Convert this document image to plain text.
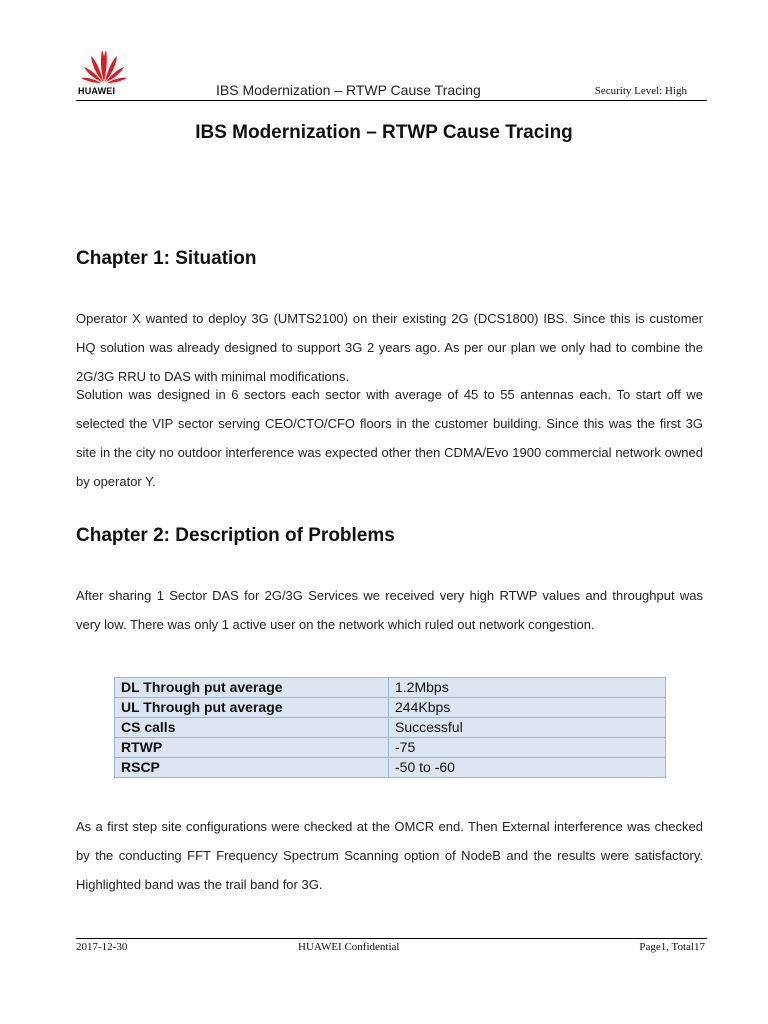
HUAWEI	IBS Modernization – RTWP Cause Tracing	Security Level: High
IBS Modernization – RTWP Cause Tracing
Chapter 1: Situation

Operator X wanted to deploy 3G (UMTS2100) on their existing 2G (DCS1800) IBS. Since this is customer HQ solution was already designed to support 3G 2 years ago. As per our plan we only had to combine the 2G/3G RRU to DAS with minimal modifications.

Solution was designed in 6 sectors each sector with average of 45 to 55 antennas each. To start off we selected the VIP sector serving CEO/CTO/CFO floors in the customer building. Since this was the first 3G site in the city no outdoor interference was expected other then CDMA/Evo 1900 commercial network owned by operator Y.

Chapter 2: Description of Problems

After sharing 1 Sector DAS for 2G/3G Services we received very high RTWP values and throughput was very low. There was only 1 active user on the network which ruled out network congestion.

DL Through put average	1.2Mbps
UL Through put average	244Kbps
CS calls	Successful
RTWP	-75
RSCP	-50 to -60

As a first step site configurations were checked at the OMCR end. Then External interference was checked by the conducting FFT Frequency Spectrum Scanning option of NodeB and the results were satisfactory. Highlighted band was the trail band for 3G.

2017-12-30	HUAWEI Confidential	Page1, Total17
